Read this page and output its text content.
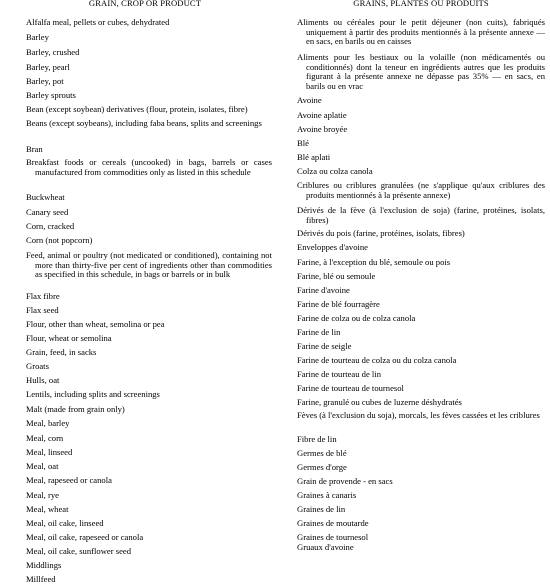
GRAIN, CROP OR PRODUCT
Alfalfa meal, pellets or cubes, dehydrated
Barley
Barley, crushed
Barley, pearl
Barley, pot
Barley sprouts
Bean (except soybean) derivatives (flour, protein, isolates, fibre)
Beans (except soybeans), including faba beans, splits and screenings
Bran
Breakfast foods or cereals (uncooked) in bags, barrels or cases manufactured from commodities only as listed in this schedule
Buckwheat
Canary seed
Corn, cracked
Corn (not popcorn)
Feed, animal or poultry (not medicated or conditioned), containing not more than thirty-five per cent of ingredients other than commodities as specified in this schedule, in bags or barrels or in bulk
Flax fibre
Flax seed
Flour, other than wheat, semolina or pea
Flour, wheat or semolina
Grain, feed, in sacks
Groats
Hulls, oat
Lentils, including splits and screenings
Malt (made from grain only)
Meal, barley
Meal, corn
Meal, linseed
Meal, oat
Meal, rapeseed or canola
Meal, rye
Meal, wheat
Meal, oil cake, linseed
Meal, oil cake, rapeseed or canola
Meal, oil cake, sunflower seed
Middlings
Millfeed
GRAINS, PLANTES OU PRODUITS
Aliments ou céréales pour le petit déjeuner (non cuits), fabriqués uniquement à partir des produits mentionnés à la présente annexe — en sacs, en barils ou en caisses
Aliments pour les bestiaux ou la volaille (non médicamentés ou conditionnés) dont la teneur en ingrédients autres que les produits figurant à la présente annexe ne dépasse pas 35% — en sacs, en barils ou en vrac
Avoine
Avoine aplatie
Avoine broyée
Blé
Blé aplati
Colza ou colza canola
Criblures ou criblures granulées (ne s'applique qu'aux criblures des produits mentionnés à la présente annexe)
Dérivés de la fève (à l'exclusion de soja) (farine, protéines, isolats, fibres)
Dérivés du pois (farine, protéines, isolats, fibres)
Enveloppes d'avoine
Farine, à l'exception du blé, semoule ou pois
Farine, blé ou semoule
Farine d'avoine
Farine de blé fourragère
Farine de colza ou de colza canola
Farine de lin
Farine de seigle
Farine de tourteau de colza ou du colza canola
Farine de tourteau de lin
Farine de tourteau de tournesol
Farine, granulé ou cubes de luzerne déshydratés
Fèves (à l'exclusion du soja), morcals, les fèves cassées et les criblures
Fibre de lin
Germes de blé
Germes d'orge
Grain de provende - en sacs
Graines à canaris
Graines de lin
Graines de moutarde
Graines de tournesol
Gruaux d'avoine
